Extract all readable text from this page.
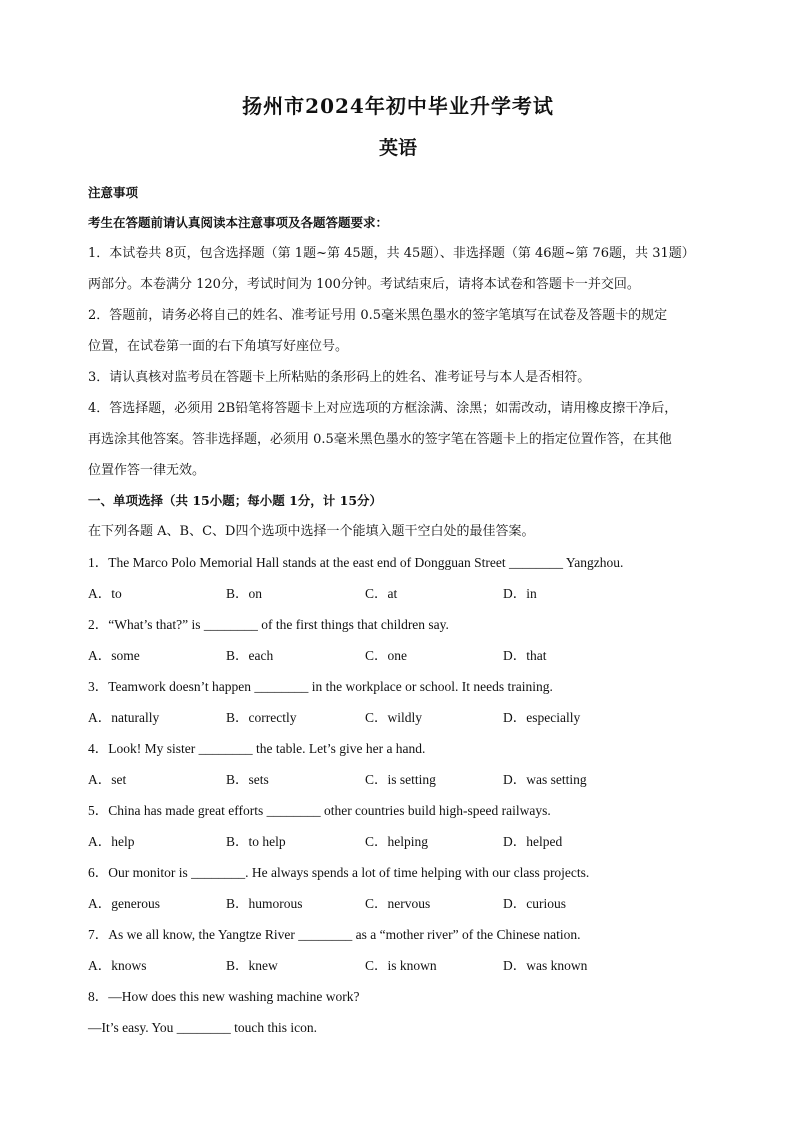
扬州市2024年初中毕业升学考试
英语
注意事项
考生在答题前请认真阅读本注意事项及各题答题要求：
1．本试卷共 8页，包含选择题（第 1题~第 45题，共 45题）、非选择题（第 46题~第 76题，共 31题）
两部分。本卷满分 120分，考试时间为 100分钟。考试结束后，请将本试卷和答题卡一并交回。
2．答题前，请务必将自己的姓名、准考证号用 0.5毫米黑色墨水的签字笔填写在试卷及答题卡的规定
位置，在试卷第一面的右下角填写好座位号。
3．请认真核对监考员在答题卡上所粘贴的条形码上的姓名、准考证号与本人是否相符。
4．答选择题，必须用 2B铅笔将答题卡上对应选项的方框涂满、涂黑；如需改动，请用橡皮擦干净后，
再选涂其他答案。答非选择题，必须用 0.5毫米黑色墨水的签字笔在答题卡上的指定位置作答，在其他
位置作答一律无效。
一、单项选择（共 15小题；每小题 1分，计 15分）
在下列各题 A、B、C、D四个选项中选择一个能填入题干空白处的最佳答案。
1．The Marco Polo Memorial Hall stands at the east end of Dongguan Street ________ Yangzhou.
A．to	B．on	C．at	D．in
2．“What’s that?” is ________ of the first things that children say.
A．some	B．each	C．one	D．that
3．Teamwork doesn’t happen ________ in the workplace or school. It needs training.
A．naturally	B．correctly	C．wildly	D．especially
4．Look! My sister ________ the table. Let’s give her a hand.
A．set	B．sets	C．is setting	D．was setting
5．China has made great efforts ________ other countries build high-speed railways.
A．help	B．to help	C．helping	D．helped
6．Our monitor is ________. He always spends a lot of time helping with our class projects.
A．generous	B．humorous	C．nervous	D．curious
7．As we all know, the Yangtze River ________ as a “mother river” of the Chinese nation.
A．knows	B．knew	C．is known	D．was known
8．—How does this new washing machine work?
—It’s easy. You ________ touch this icon.
